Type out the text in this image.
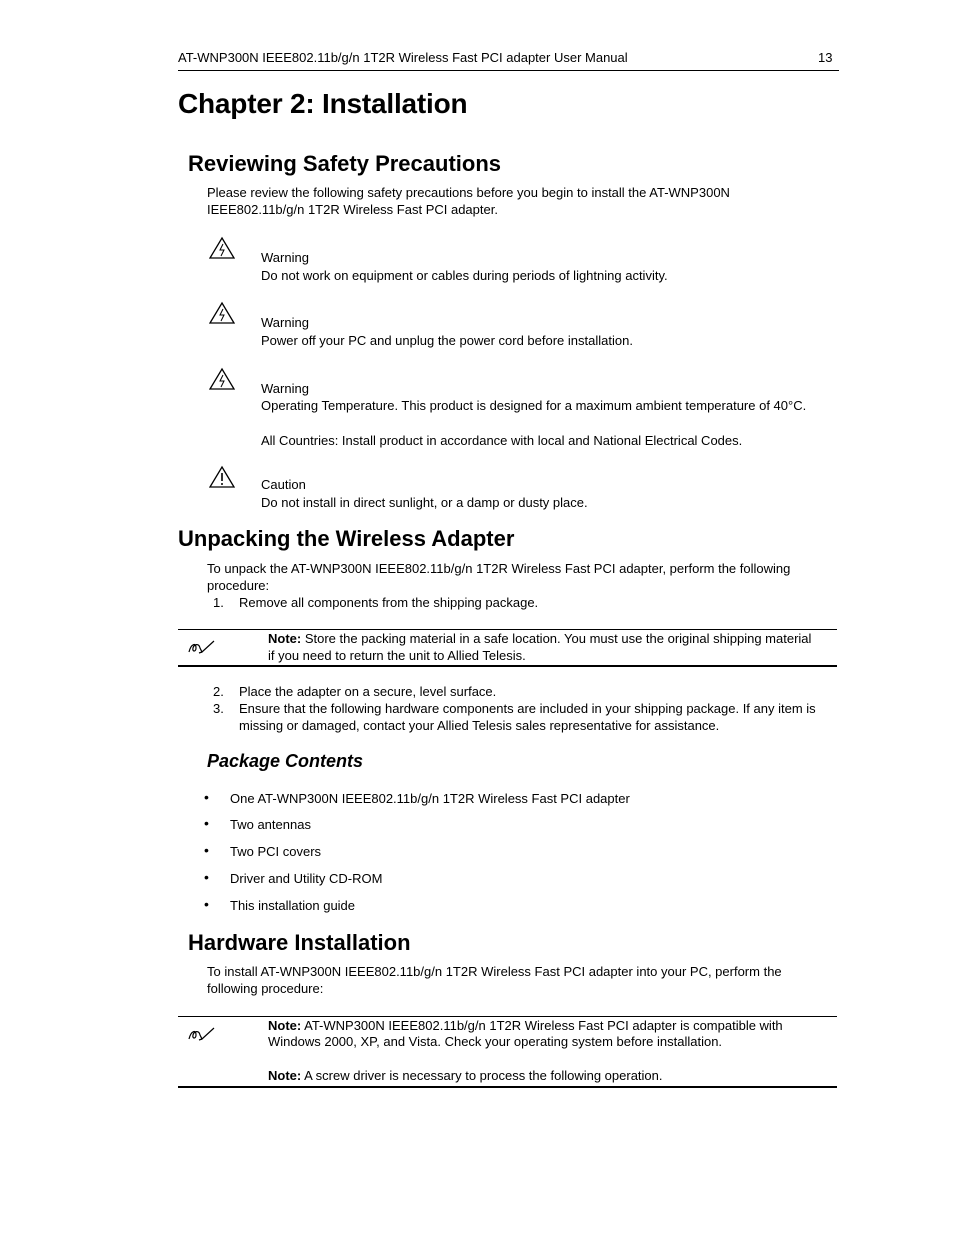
AT-WNP300N IEEE802.11b/g/n 1T2R Wireless Fast PCI adapter User Manual	13
Chapter 2: Installation
Reviewing Safety Precautions
Please review the following safety precautions before you begin to install the AT-WNP300N
IEEE802.11b/g/n 1T2R Wireless Fast PCI adapter.
Warning
Do not work on equipment or cables during periods of lightning activity.
Warning
Power off your PC and unplug the power cord before installation.
Warning
Operating Temperature. This product is designed for a maximum ambient temperature of 40°C.
All Countries: Install product in accordance with local and National Electrical Codes.
Caution
Do not install in direct sunlight, or a damp or dusty place.
Unpacking the Wireless Adapter
To unpack the AT-WNP300N IEEE802.11b/g/n 1T2R Wireless Fast PCI adapter, perform the following
procedure:
1. Remove all components from the shipping package.
Note: Store the packing material in a safe location. You must use the original shipping material
if you need to return the unit to Allied Telesis.
2. Place the adapter on a secure, level surface.
3. Ensure that the following hardware components are included in your shipping package. If any item is
missing or damaged, contact your Allied Telesis sales representative for assistance.
Package Contents
• One AT-WNP300N IEEE802.11b/g/n 1T2R Wireless Fast PCI adapter
• Two antennas
• Two PCI covers
• Driver and Utility CD-ROM
• This installation guide
Hardware Installation
To install AT-WNP300N IEEE802.11b/g/n 1T2R Wireless Fast PCI adapter into your PC, perform the
following procedure:
Note: AT-WNP300N IEEE802.11b/g/n 1T2R Wireless Fast PCI adapter is compatible with
Windows 2000, XP, and Vista. Check your operating system before installation.
Note: A screw driver is necessary to process the following operation.
